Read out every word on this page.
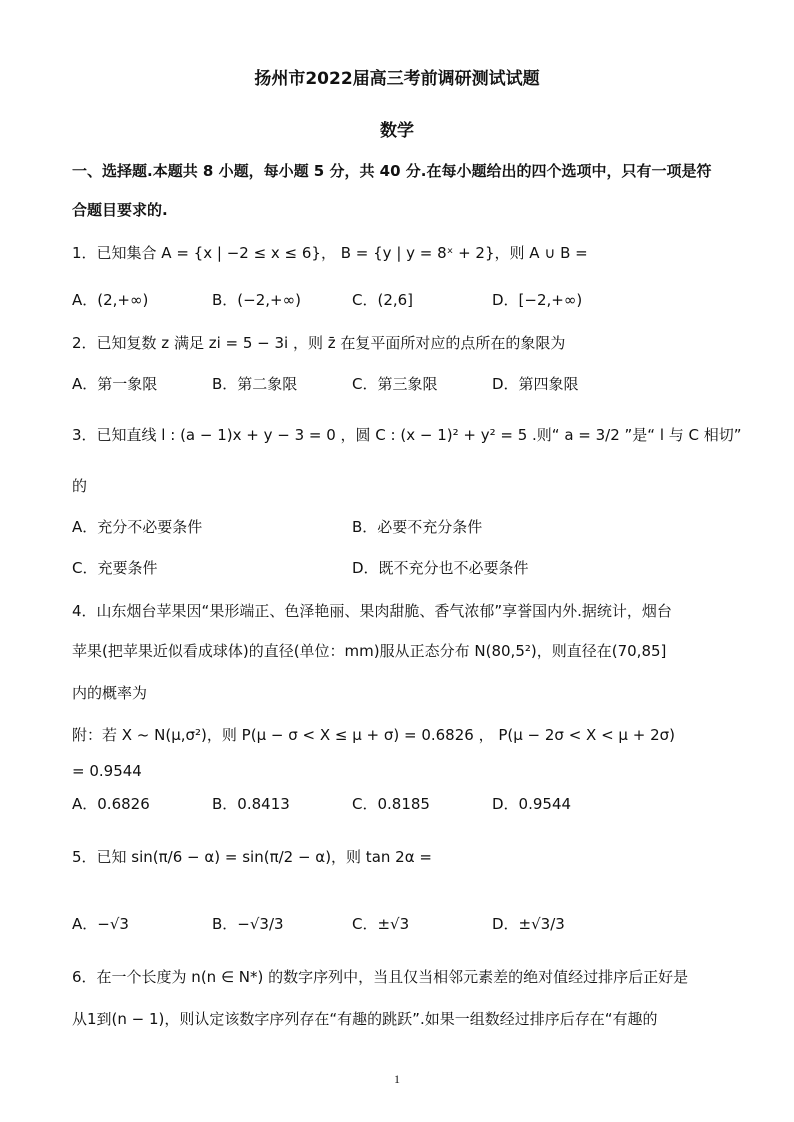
扬州市2022届高三考前调研测试试题
数学
一、选择题.本题共 8 小题，每小题 5 分，共 40 分.在每小题给出的四个选项中，只有一项是符
合题目要求的.
1．已知集合 A = {x | −2 ≤ x ≤ 6}， B = {y | y = 8ˣ + 2}，则 A ∪ B =
A．(2,+∞)	B．(−2,+∞)	C．(2,6]	D．[−2,+∞)
2．已知复数 z 满足 zi = 5 − 3i ，则 z̄ 在复平面所对应的点所在的象限为
A．第一象限	B．第二象限	C．第三象限	D．第四象限
3．已知直线 l : (a − 1)x + y − 3 = 0 ，圆 C : (x − 1)² + y² = 5 .则“ a = 3/2 ”是“ l 与 C 相切”
的
A．充分不必要条件	B．必要不充分条件
C．充要条件	D．既不充分也不必要条件
4．山东烟台苹果因“果形端正、色泽艳丽、果肉甜脆、香气浓郁”享誉国内外.据统计，烟台
苹果(把苹果近似看成球体)的直径(单位：mm)服从正态分布 N(80,5²)，则直径在(70,85]
内的概率为
附：若 X ~ N(μ,σ²)，则 P(μ − σ < X ≤ μ + σ) = 0.6826 ， P(μ − 2σ < X < μ + 2σ)
= 0.9544
A．0.6826	B．0.8413	C．0.8185	D．0.9544
5．已知 sin(π/6 − α) = sin(π/2 − α)，则 tan 2α =
A．−√3	B．−√3/3	C．±√3	D．±√3/3
6．在一个长度为 n(n ∈ N*) 的数字序列中，当且仅当相邻元素差的绝对值经过排序后正好是
从1到(n − 1)，则认定该数字序列存在“有趣的跳跃”.如果一组数经过排序后存在“有趣的
1
